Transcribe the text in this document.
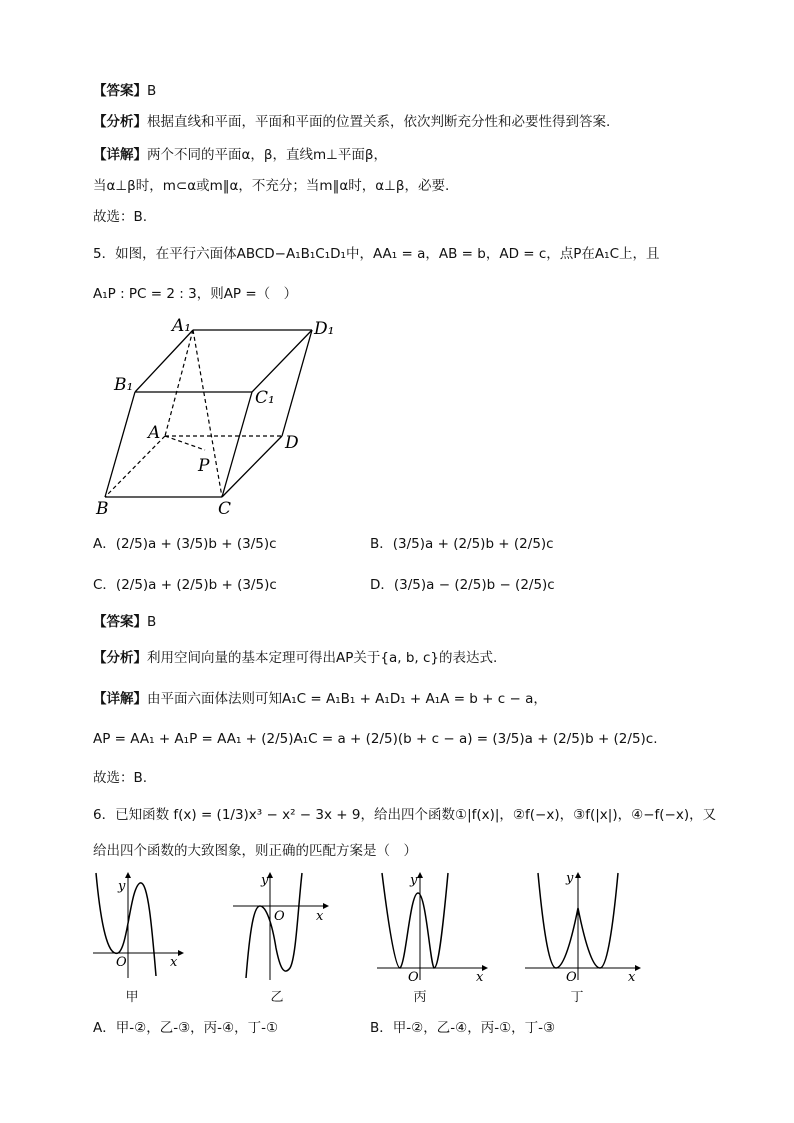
【答案】B
【分析】根据直线和平面，平面和平面的位置关系，依次判断充分性和必要性得到答案.
【详解】两个不同的平面α，β，直线m⊥平面β，
当α⊥β时，m⊂α或m‖α，不充分；当m‖α时，α⊥β，必要.
故选：B.
5．如图，在平行六面体ABCD−A₁B₁C₁D₁中，AA₁ = a，AB = b，AD = c，点P在A₁C上，且
A₁P : PC = 2 : 3，则AP =（　）
A₁	D₁
B₁
C₁
A	D
P
B	C
A．(2/5)a + (3/5)b + (3/5)c	B．(3/5)a + (2/5)b + (2/5)c
C．(2/5)a + (2/5)b + (3/5)c	D．(3/5)a − (2/5)b − (2/5)c
【答案】B
【分析】利用空间向量的基本定理可得出AP关于{a, b, c}的表达式.
【详解】由平面六面体法则可知A₁C = A₁B₁ + A₁D₁ + A₁A = b + c − a，
AP = AA₁ + A₁P = AA₁ + (2/5)A₁C = a + (2/5)(b + c − a) = (3/5)a + (2/5)b + (2/5)c.
故选：B.
6．已知函数 f(x) = (1/3)x³ − x² − 3x + 9，给出四个函数①|f(x)|，②f(−x)，③f(|x|)，④−f(−x)，又
给出四个函数的大致图象，则正确的匹配方案是（　）
x
y
O
甲
x
y
O
乙
x
y
O
丙
x
y
O
丁
A．甲-②，乙-③，丙-④，丁-①	B．甲-②，乙-④，丙-①，丁-③
